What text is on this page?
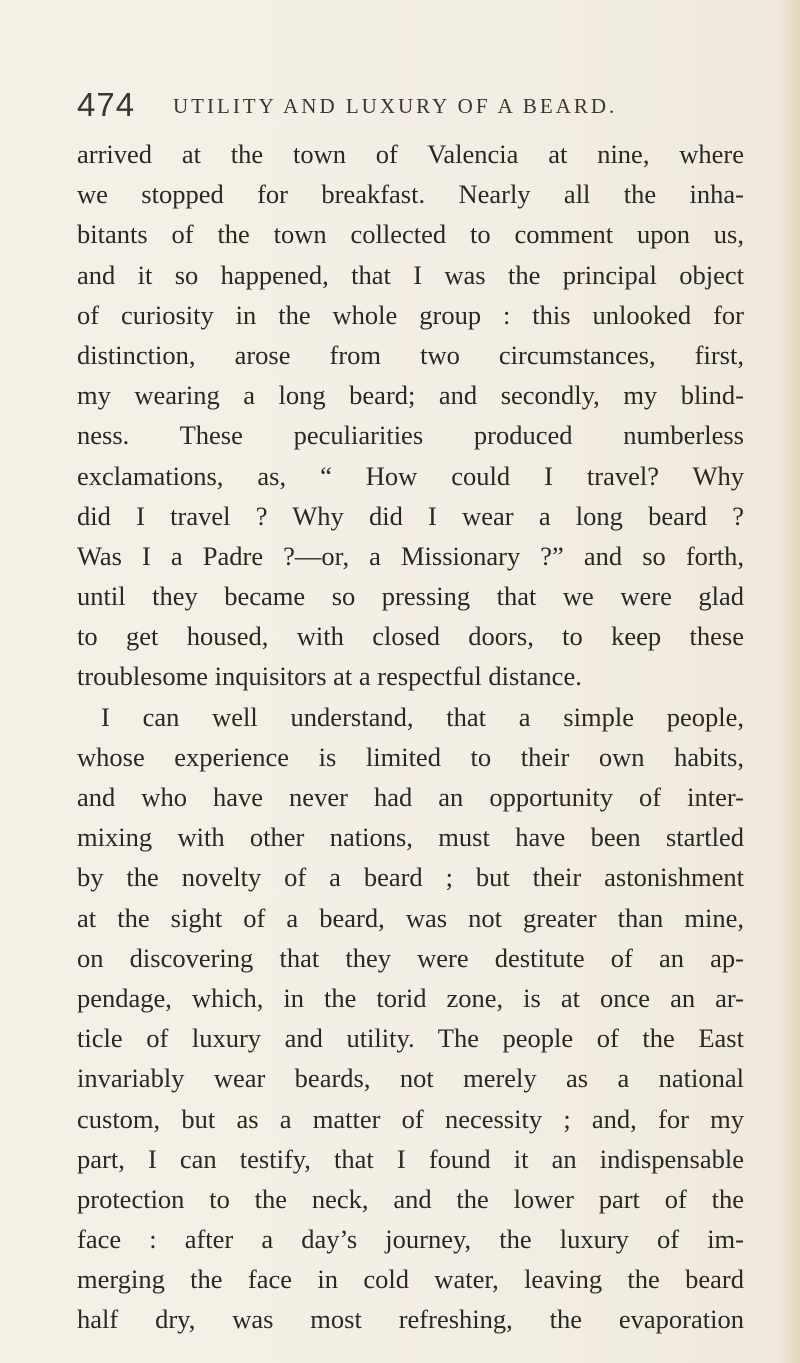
474 UTILITY AND LUXURY OF A BEARD.
arrived at the town of Valencia at nine, where
we stopped for breakfast. Nearly all the inha-
bitants of the town collected to comment upon us,
and it so happened, that I was the principal object
of curiosity in the whole group : this unlooked for
distinction, arose from two circumstances, first,
my wearing a long beard; and secondly, my blind-
ness. These peculiarities produced numberless
exclamations, as, “ How could I travel? Why
did I travel ? Why did I wear a long beard ?
Was I a Padre ?—or, a Missionary ?” and so forth,
until they became so pressing that we were glad
to get housed, with closed doors, to keep these
troublesome inquisitors at a respectful distance.
I can well understand, that a simple people,
whose experience is limited to their own habits,
and who have never had an opportunity of inter-
mixing with other nations, must have been startled
by the novelty of a beard ; but their astonishment
at the sight of a beard, was not greater than mine,
on discovering that they were destitute of an ap-
pendage, which, in the torid zone, is at once an ar-
ticle of luxury and utility. The people of the East
invariably wear beards, not merely as a national
custom, but as a matter of necessity ; and, for my
part, I can testify, that I found it an indispensable
protection to the neck, and the lower part of the
face : after a day’s journey, the luxury of im-
merging the face in cold water, leaving the beard
half dry, was most refreshing, the evaporation
